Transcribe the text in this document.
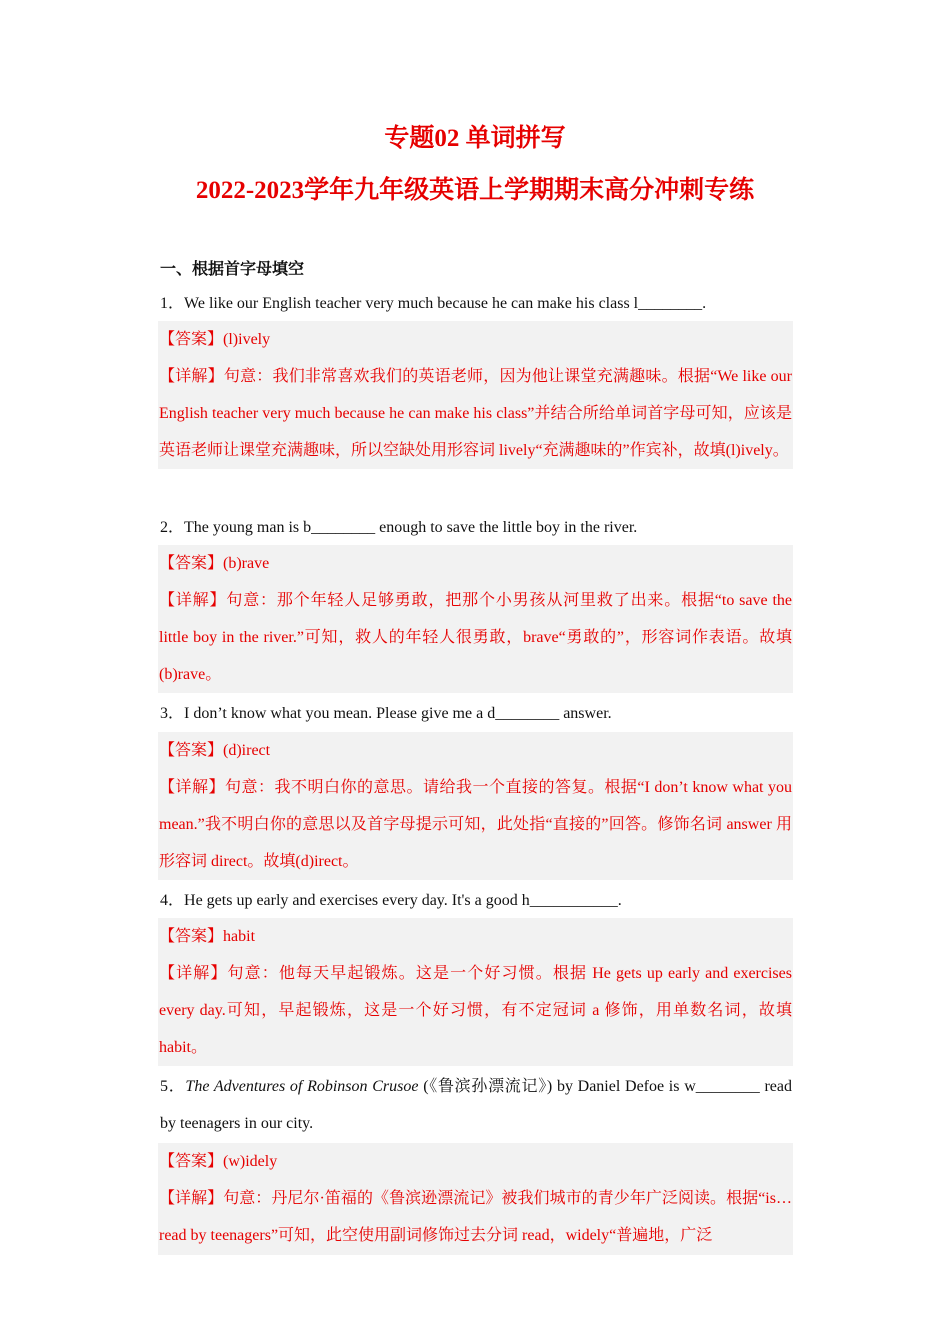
专题02 单词拼写
2022-2023学年九年级英语上学期期末高分冲刺专练
一、根据首字母填空
1．We like our English teacher very much because he can make his class l________.

【答案】(l)ively

【详解】句意：我们非常喜欢我们的英语老师，因为他让课堂充满趣味。根据“We like our English teacher very much because he can make his class”并结合所给单词首字母可知，应该是英语老师让课堂充满趣味，所以空缺处用形容词 lively“充满趣味的”作宾补，故填(l)ively。

2．The young man is b________ enough to save the little boy in the river.

【答案】(b)rave

【详解】句意：那个年轻人足够勇敢，把那个小男孩从河里救了出来。根据“to save the little boy in the river.”可知，救人的年轻人很勇敢，brave“勇敢的”，形容词作表语。故填(b)rave。

3．I don’t know what you mean. Please give me a d________ answer.

【答案】(d)irect

【详解】句意：我不明白你的意思。请给我一个直接的答复。根据“I don’t know what you mean.”我不明白你的意思以及首字母提示可知，此处指“直接的”回答。修饰名词 answer 用形容词 direct。故填(d)irect。

4．He gets up early and exercises every day. It's a good h___________.

【答案】habit

【详解】句意：他每天早起锻炼。这是一个好习惯。根据 He gets up early and exercises every day.可知，早起锻炼，这是一个好习惯，有不定冠词 a 修饰，用单数名词，故填 habit。

5．The Adventures of Robinson Crusoe (《鲁滨孙漂流记》) by Daniel Defoe is w________ read by teenagers in our city.

【答案】(w)idely

【详解】句意：丹尼尔·笛福的《鲁滨逊漂流记》被我们城市的青少年广泛阅读。根据“is…read by teenagers”可知，此空使用副词修饰过去分词 read，widely“普遍地，广泛
